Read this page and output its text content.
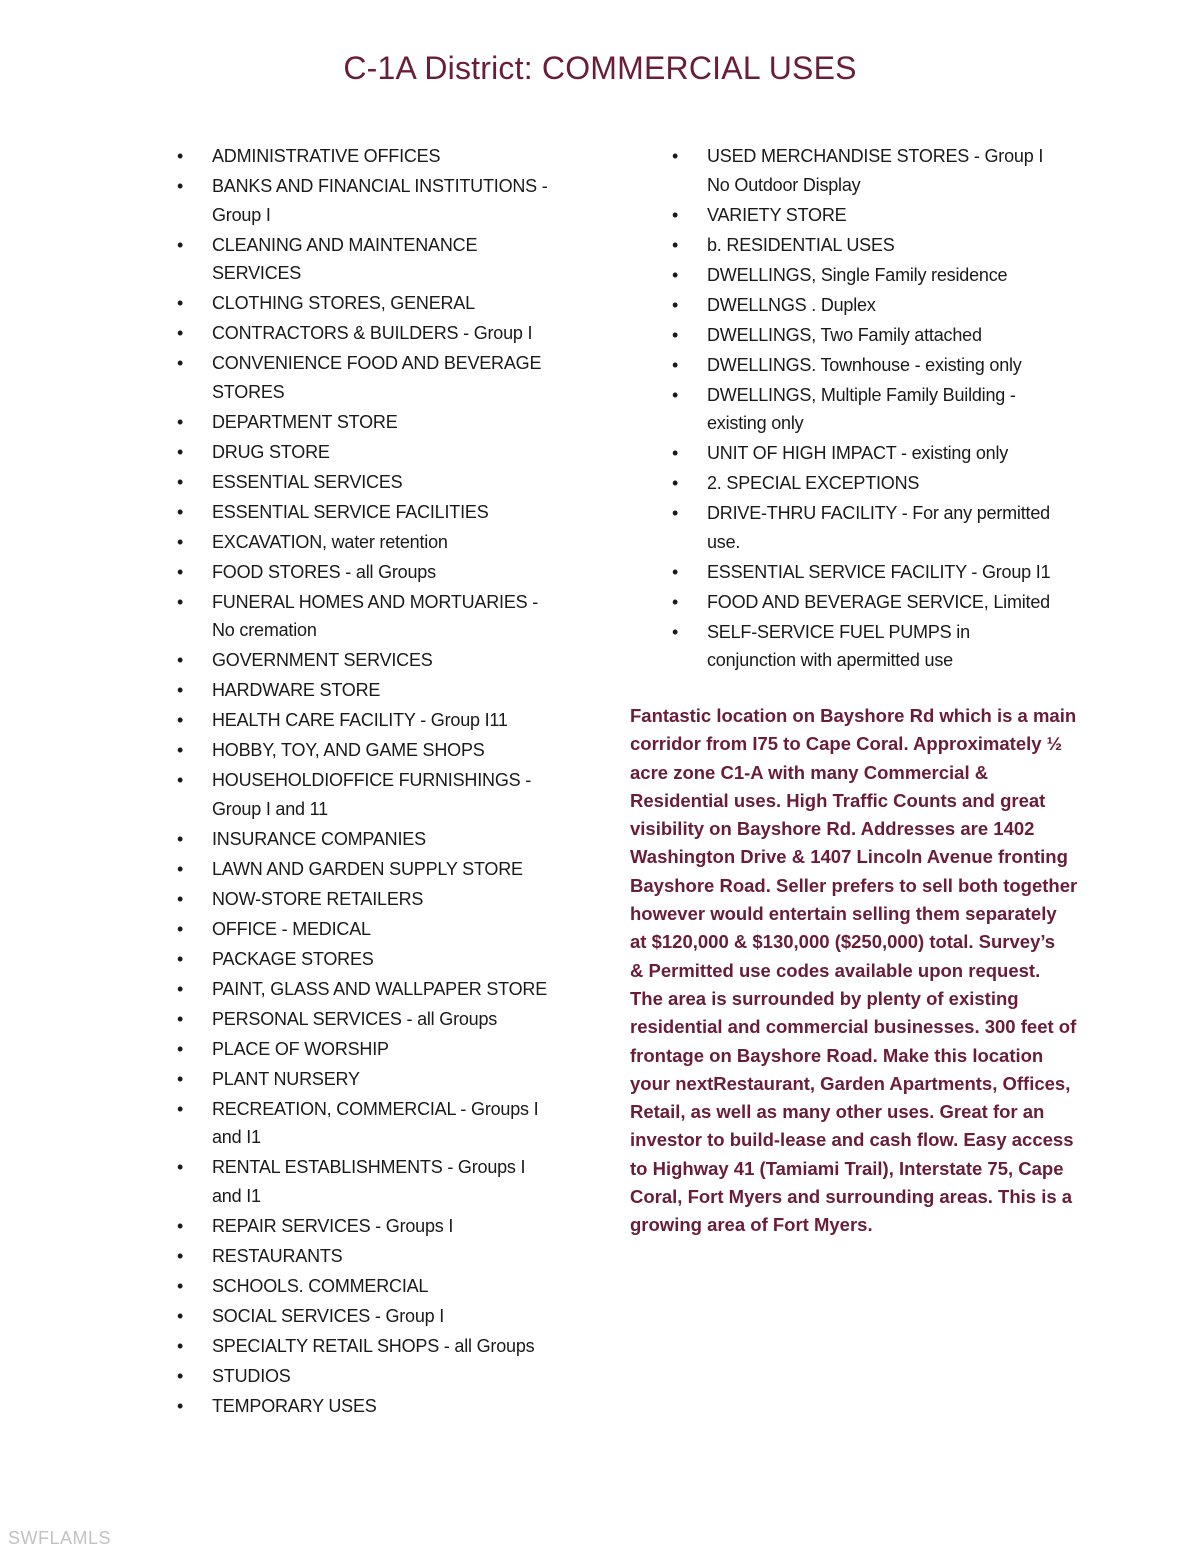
C-1A District: COMMERCIAL USES
• ADMINISTRATIVE OFFICES
• BANKS AND FINANCIAL INSTITUTIONS - Group I
• CLEANING AND MAINTENANCE SERVICES
• CLOTHING STORES, GENERAL
• CONTRACTORS & BUILDERS - Group I
• CONVENIENCE FOOD AND BEVERAGE STORES
• DEPARTMENT STORE
• DRUG STORE
• ESSENTIAL SERVICES
• ESSENTIAL SERVICE FACILITIES
• EXCAVATION, water retention
• FOOD STORES - all Groups
• FUNERAL HOMES AND MORTUARIES - No cremation
• GOVERNMENT SERVICES
• HARDWARE STORE
• HEALTH CARE FACILITY - Group I11
• HOBBY, TOY, AND GAME SHOPS
• HOUSEHOLDIOFFICE FURNISHINGS - Group I and 11
• INSURANCE COMPANIES
• LAWN AND GARDEN SUPPLY STORE
• NOW-STORE RETAILERS
• OFFICE - MEDICAL
• PACKAGE STORES
• PAINT, GLASS AND WALLPAPER STORE
• PERSONAL SERVICES - all Groups
• PLACE OF WORSHIP
• PLANT NURSERY
• RECREATION, COMMERCIAL - Groups I and I1
• RENTAL ESTABLISHMENTS - Groups I and I1
• REPAIR SERVICES - Groups I
• RESTAURANTS
• SCHOOLS. COMMERCIAL
• SOCIAL SERVICES - Group I
• SPECIALTY RETAIL SHOPS - all Groups
• STUDIOS
• TEMPORARY USES
• USED MERCHANDISE STORES - Group I No Outdoor Display
• VARIETY STORE
• b. RESIDENTIAL USES
• DWELLINGS, Single Family residence
• DWELLNGS . Duplex
• DWELLINGS, Two Family attached
• DWELLINGS. Townhouse - existing only
• DWELLINGS, Multiple Family Building - existing only
• UNIT OF HIGH IMPACT - existing only
• 2. SPECIAL EXCEPTIONS
• DRIVE-THRU FACILITY - For any permitted use.
• ESSENTIAL SERVICE FACILITY - Group I1
• FOOD AND BEVERAGE SERVICE, Limited
• SELF-SERVICE FUEL PUMPS in conjunction with apermitted use

Fantastic location on Bayshore Rd which is a main
corridor from I75 to Cape Coral. Approximately ½
acre zone C1-A with many Commercial &
Residential uses. High Traffic Counts and great
visibility on Bayshore Rd. Addresses are 1402
Washington Drive & 1407 Lincoln Avenue fronting
Bayshore Road. Seller prefers to sell both together
however would entertain selling them separately
at $120,000 & $130,000 ($250,000) total. Survey’s
& Permitted use codes available upon request.
The area is surrounded by plenty of existing
residential and commercial businesses. 300 feet of
frontage on Bayshore Road. Make this location
your nextRestaurant, Garden Apartments, Offices,
Retail, as well as many other uses. Great for an
investor to build-lease and cash flow. Easy access
to Highway 41 (Tamiami Trail), Interstate 75, Cape
Coral, Fort Myers and surrounding areas. This is a
growing area of Fort Myers.

SWFLAMLS
